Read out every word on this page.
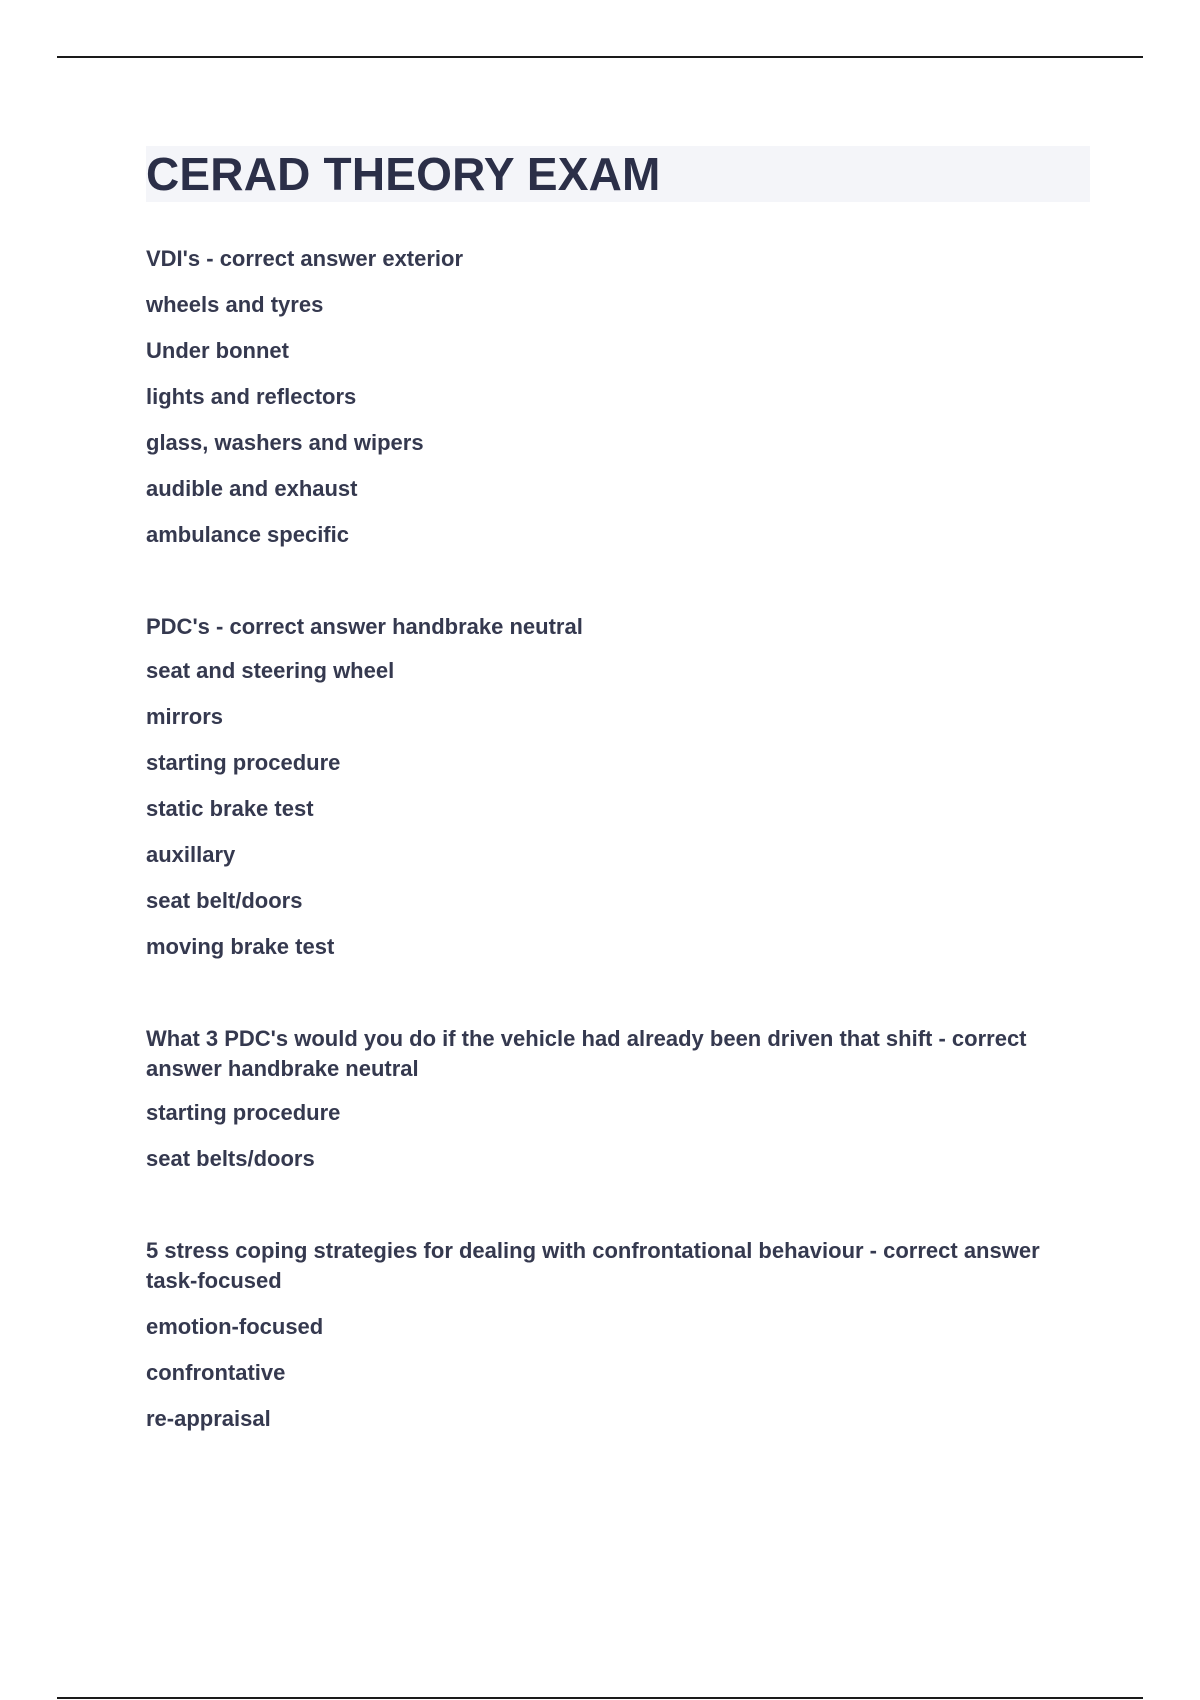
CERAD THEORY EXAM

VDI's - correct answer exterior

wheels and tyres

Under bonnet

lights and reflectors

glass, washers and wipers

audible and exhaust

ambulance specific

PDC's - correct answer handbrake neutral

seat and steering wheel

mirrors

starting procedure

static brake test

auxillary

seat belt/doors

moving brake test

What 3 PDC's would you do if the vehicle had already been driven that shift - correct answer handbrake neutral

starting procedure

seat belts/doors

5 stress coping strategies for dealing with confrontational behaviour - correct answer task-focused

emotion-focused

confrontative

re-appraisal
